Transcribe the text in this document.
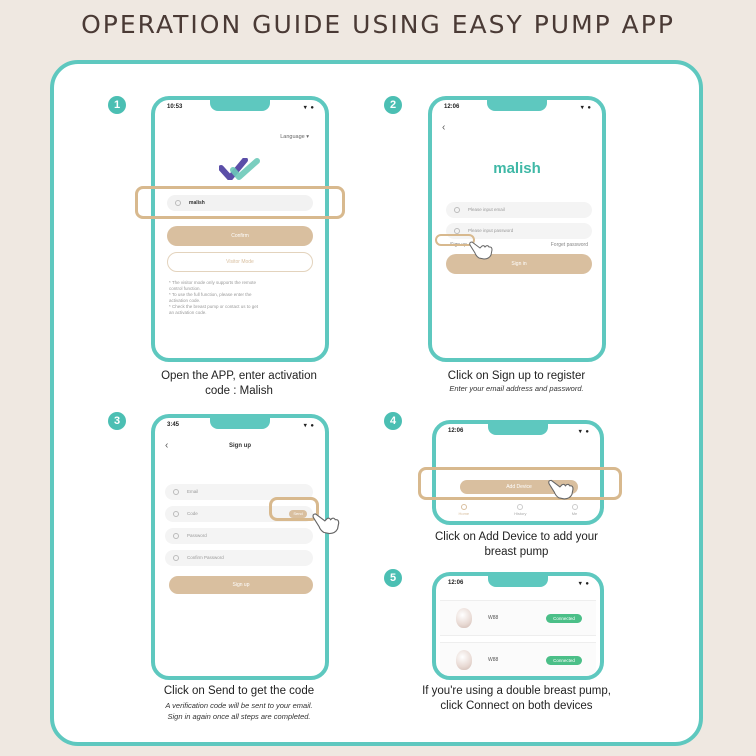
OPERATION GUIDE USING EASY PUMP APP
1	10:53	▾ ●
Language ▾
malish
Confirm
Visitor Mode
* The visitor mode only supports the remote
control function.
* To use the full function, please enter the
activation code.
* Check the breast pump or contact us to get
an activation code.
Open the APP, enter activation
code : Malish
2	12:06	▾ ●
‹
malish
Please input email
Please input password
Sign up	Forget password
Sign in
Click on Sign up to register
Enter your email address and password.
3	3:45	▾ ●
‹	Sign up
Email
Code	Send
Password
Confirm Password
Sign up
Click on Send to get the code
A verification code will be sent to your email.
Sign in again once all steps are completed.
4
12:06	▾ ●
Add Device
Home	History	Me
Click on Add Device to add your
breast pump
5	12:06	▾ ●
W88	Connected
W88	Connected
If you're using a double breast pump,
click Connect on both devices
